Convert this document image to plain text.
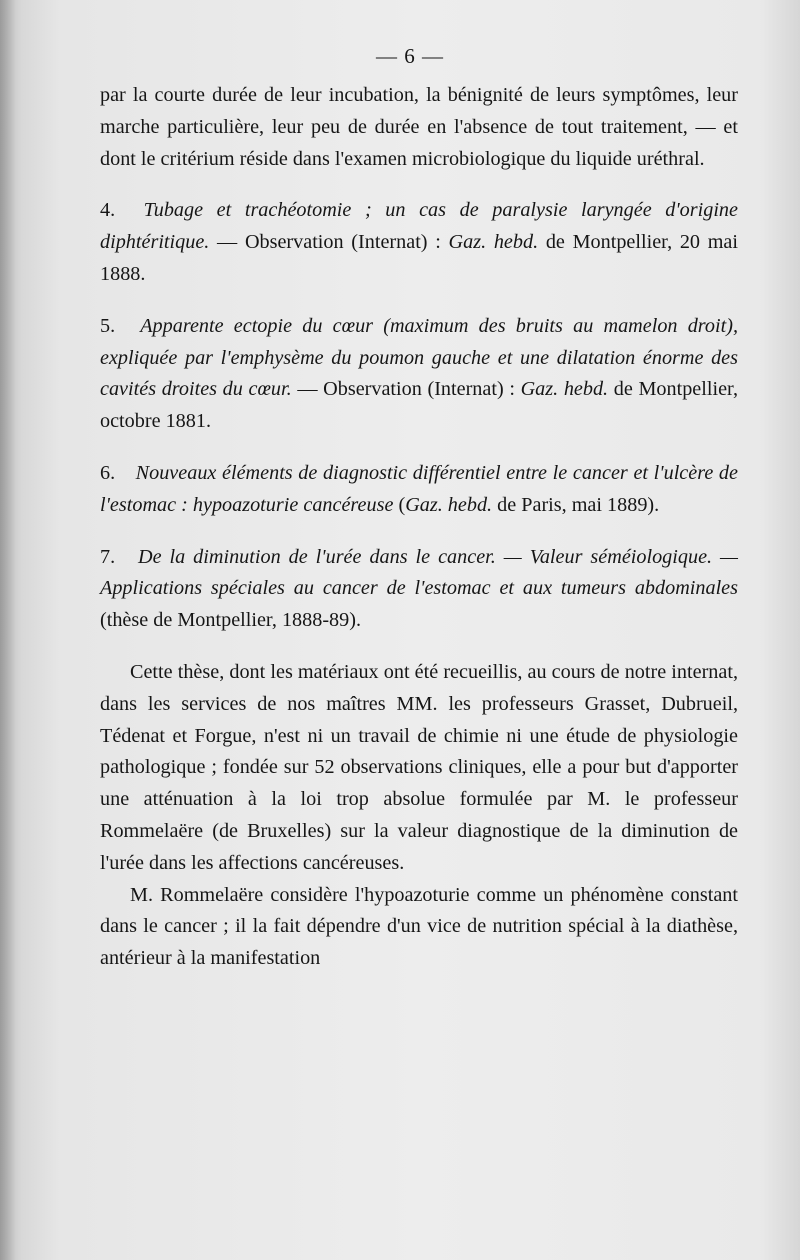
— 6 —

par la courte durée de leur incubation, la bénignité de leurs symptômes, leur marche particulière, leur peu de durée en l'absence de tout traitement, — et dont le critérium réside dans l'examen microbiologique du liquide uréthral.

4. Tubage et trachéotomie ; un cas de paralysie laryngée d'origine diphtéritique. — Observation (Internat) : Gaz. hebd. de Montpellier, 20 mai 1888.

5. Apparente ectopie du cœur (maximum des bruits au mamelon droit), expliquée par l'emphysème du poumon gauche et une dilatation énorme des cavités droites du cœur. — Observation (Internat) : Gaz. hebd. de Montpellier, octobre 1881.

6. Nouveaux éléments de diagnostic différentiel entre le cancer et l'ulcère de l'estomac : hypoazoturie cancéreuse (Gaz. hebd. de Paris, mai 1889).

7. De la diminution de l'urée dans le cancer. — Valeur séméiologique. — Applications spéciales au cancer de l'estomac et aux tumeurs abdominales (thèse de Montpellier, 1888-89).

Cette thèse, dont les matériaux ont été recueillis, au cours de notre internat, dans les services de nos maîtres MM. les professeurs Grasset, Dubrueil, Tédenat et Forgue, n'est ni un travail de chimie ni une étude de physiologie pathologique ; fondée sur 52 observations cliniques, elle a pour but d'apporter une atténuation à la loi trop absolue formulée par M. le professeur Rommelaëre (de Bruxelles) sur la valeur diagnostique de la diminution de l'urée dans les affections cancéreuses.

M. Rommelaëre considère l'hypoazoturie comme un phénomène constant dans le cancer ; il la fait dépendre d'un vice de nutrition spécial à la diathèse, antérieur à la manifestation
